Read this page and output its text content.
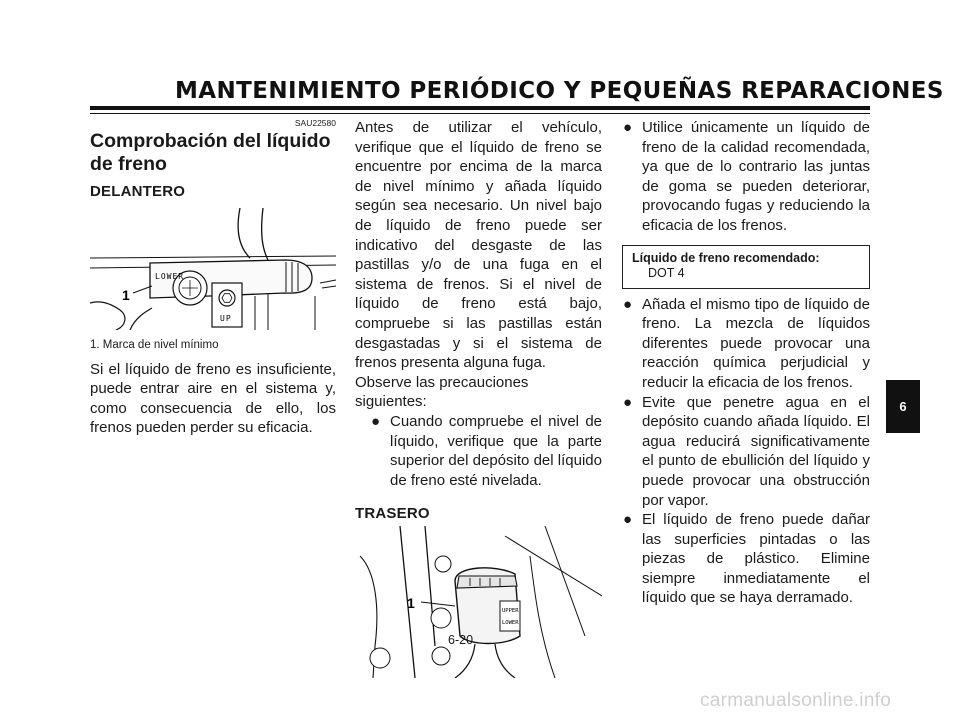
MANTENIMIENTO PERIÓDICO Y PEQUEÑAS REPARACIONES
SAU22580
Comprobación del líquido de freno
DELANTERO
1
LOWER
UP
1. Marca de nivel mínimo

Si el líquido de freno es insuficiente, puede entrar aire en el sistema y, como consecuencia de ello, los frenos pueden perder su eficacia.

Antes de utilizar el vehículo, verifique que el líquido de freno se encuentre por encima de la marca de nivel mínimo y añada líquido según sea necesario. Un nivel bajo de líquido de freno puede ser indicativo del desgaste de las pastillas y/o de una fuga en el sistema de frenos. Si el nivel de líquido de freno está bajo, compruebe si las pastillas están desgastadas y si el sistema de frenos presenta alguna fuga.

Observe las precauciones siguientes:
● Cuando compruebe el nivel de líquido, verifique que la parte superior del depósito del líquido de freno esté nivelada.
TRASERO
UPPER
LOWER
1
● Utilice únicamente un líquido de freno de la calidad recomendada, ya que de lo contrario las juntas de goma se pueden deteriorar, provocando fugas y reduciendo la eficacia de los frenos.
Líquido de freno recomendado:
DOT 4
● Añada el mismo tipo de líquido de freno. La mezcla de líquidos diferentes puede provocar una reacción química perjudicial y reducir la eficacia de los frenos.
● Evite que penetre agua en el depósito cuando añada líquido. El agua reducirá significativamente el punto de ebullición del líquido y puede provocar una obstrucción por vapor.
● El líquido de freno puede dañar las superficies pintadas o las piezas de plástico. Elimine siempre inmediatamente el líquido que se haya derramado.
6
6-20
carmanualsonline.info
